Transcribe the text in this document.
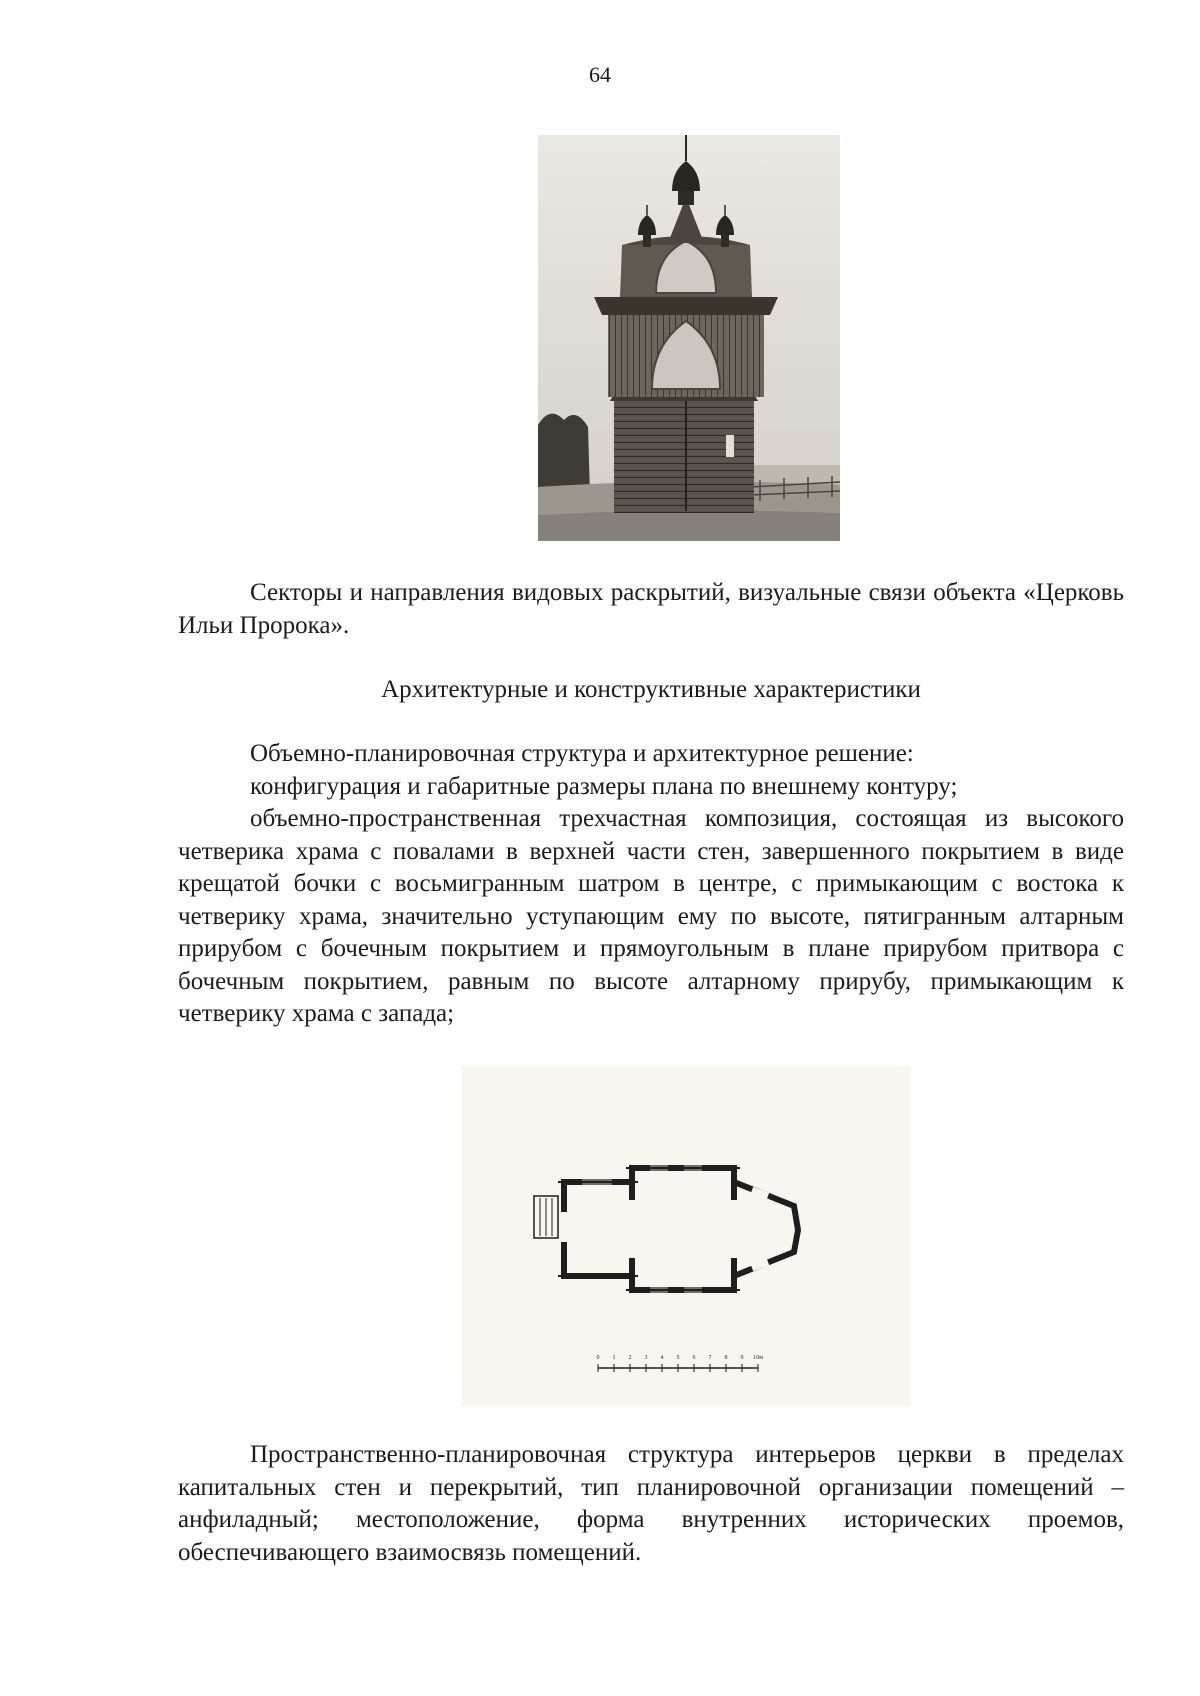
64

Секторы и направления видовых раскрытий, визуальные связи объекта «Церковь Ильи Пророка».

Архитектурные и конструктивные характеристики

Объемно-планировочная структура и архитектурное решение:

конфигурация и габаритные размеры плана по внешнему контуру;

объемно-пространственная трехчастная композиция, состоящая из высокого четверика храма с повалами в верхней части стен, завершенного покрытием в виде крещатой бочки с восьмигранным шатром в центре, с примыкающим с востока к четверику храма, значительно уступающим ему по высоте, пятигранным алтарным прирубом с бочечным покрытием и прямоугольным в плане прирубом притвора с бочечным покрытием, равным по высоте алтарному прирубу, примыкающим к четверику храма с запада;

0 1 2 3 4 5 6 7 8 9 10м

Пространственно-планировочная структура интерьеров церкви в пределах капитальных стен и перекрытий, тип планировочной организации помещений – анфиладный; местоположение, форма внутренних исторических проемов, обеспечивающего взаимосвязь помещений.
